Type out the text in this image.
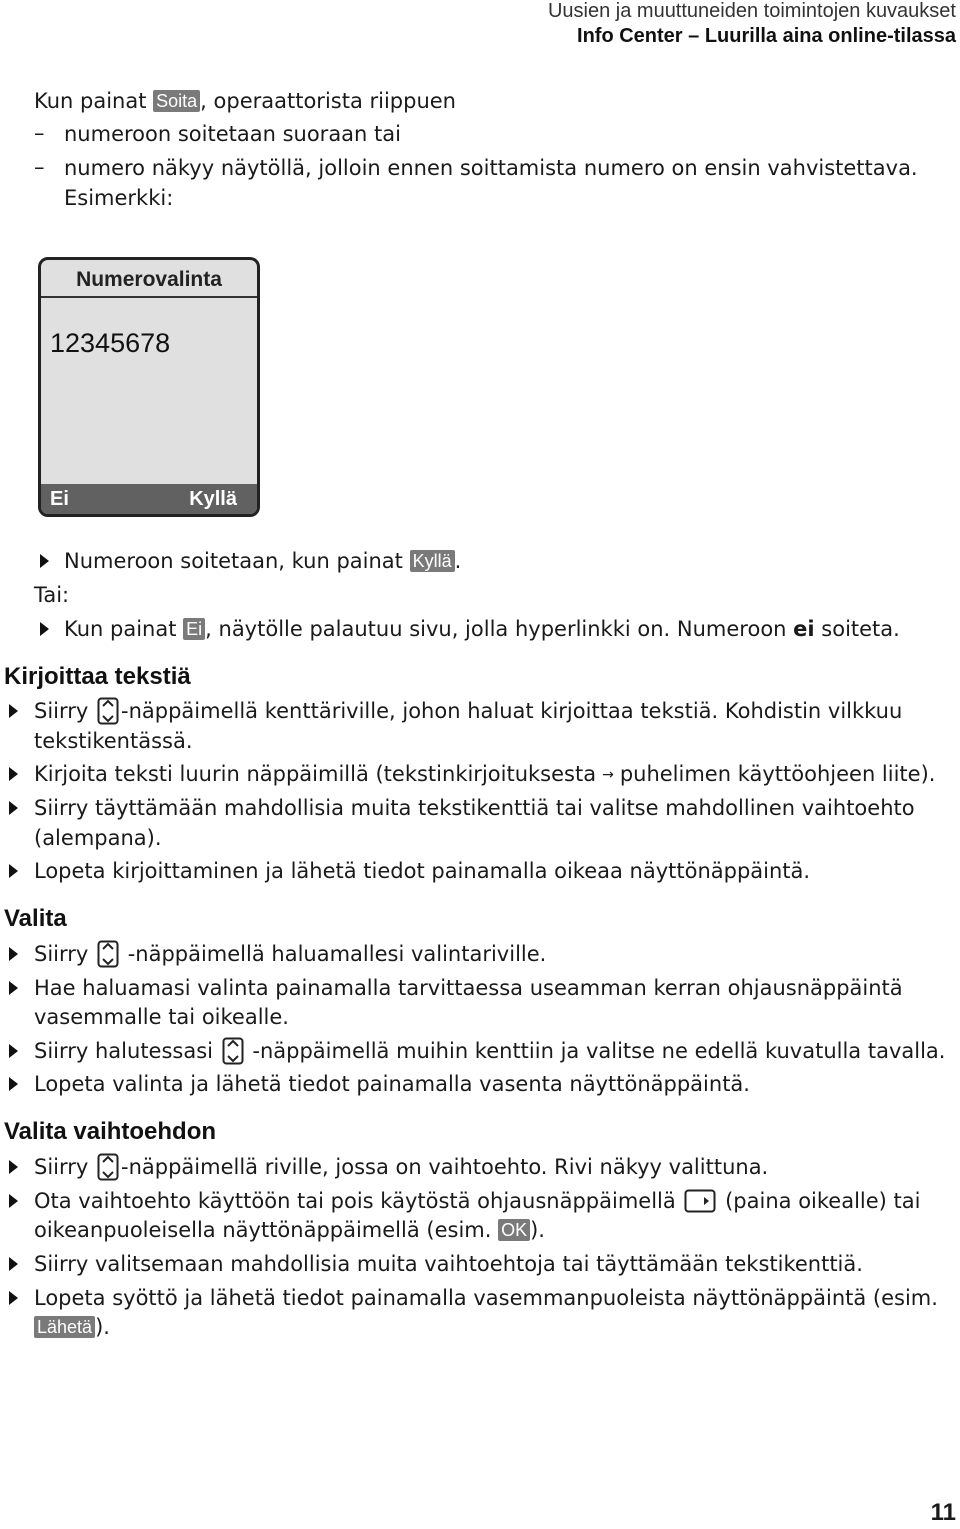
Uusien ja muuttuneiden toimintojen kuvaukset
Info Center – Luurilla aina online-tilassa
Kun painat Soita , operaattorista riippuen
– numeroon soitetaan suoraan tai
– numero näkyy näytöllä, jolloin ennen soittamista numero on ensin vahvistettava.
Esimerkki:
Numerovalinta
12345678
Ei	Kyllä
Numeroon soitetaan, kun painat Kyllä .
Tai:
Kun painat Ei , näytölle palautuu sivu, jolla hyperlinkki on. Numeroon ei soiteta.
Kirjoittaa tekstiä
Siirry -näppäimellä kenttäriville, johon haluat kirjoittaa tekstiä. Kohdistin vilkkuu
tekstikentässä.
Kirjoita teksti luurin näppäimillä (tekstinkirjoituksesta → puhelimen käyttöohjeen liite).
Siirry täyttämään mahdollisia muita tekstikenttiä tai valitse mahdollinen vaihtoehto
(alempana).
Lopeta kirjoittaminen ja lähetä tiedot painamalla oikeaa näyttönäppäintä.
Valita
Siirry  -näppäimellä haluamallesi valintariville.
Hae haluamasi valinta painamalla tarvittaessa useamman kerran ohjausnäppäintä
vasemmalle tai oikealle.
Siirry halutessasi  -näppäimellä muihin kenttiin ja valitse ne edellä kuvatulla tavalla.
Lopeta valinta ja lähetä tiedot painamalla vasenta näyttönäppäintä.
Valita vaihtoehdon
Siirry -näppäimellä riville, jossa on vaihtoehto. Rivi näkyy valittuna.
Ota vaihtoehto käyttöön tai pois käytöstä ohjausnäppäimellä  (paina oikealle) tai
oikeanpuoleisella näyttönäppäimellä (esim. OK ).
Siirry valitsemaan mahdollisia muita vaihtoehtoja tai täyttämään tekstikenttiä.
Lopeta syöttö ja lähetä tiedot painamalla vasemmanpuoleista näyttönäppäintä (esim.
Lähetä ).
11
